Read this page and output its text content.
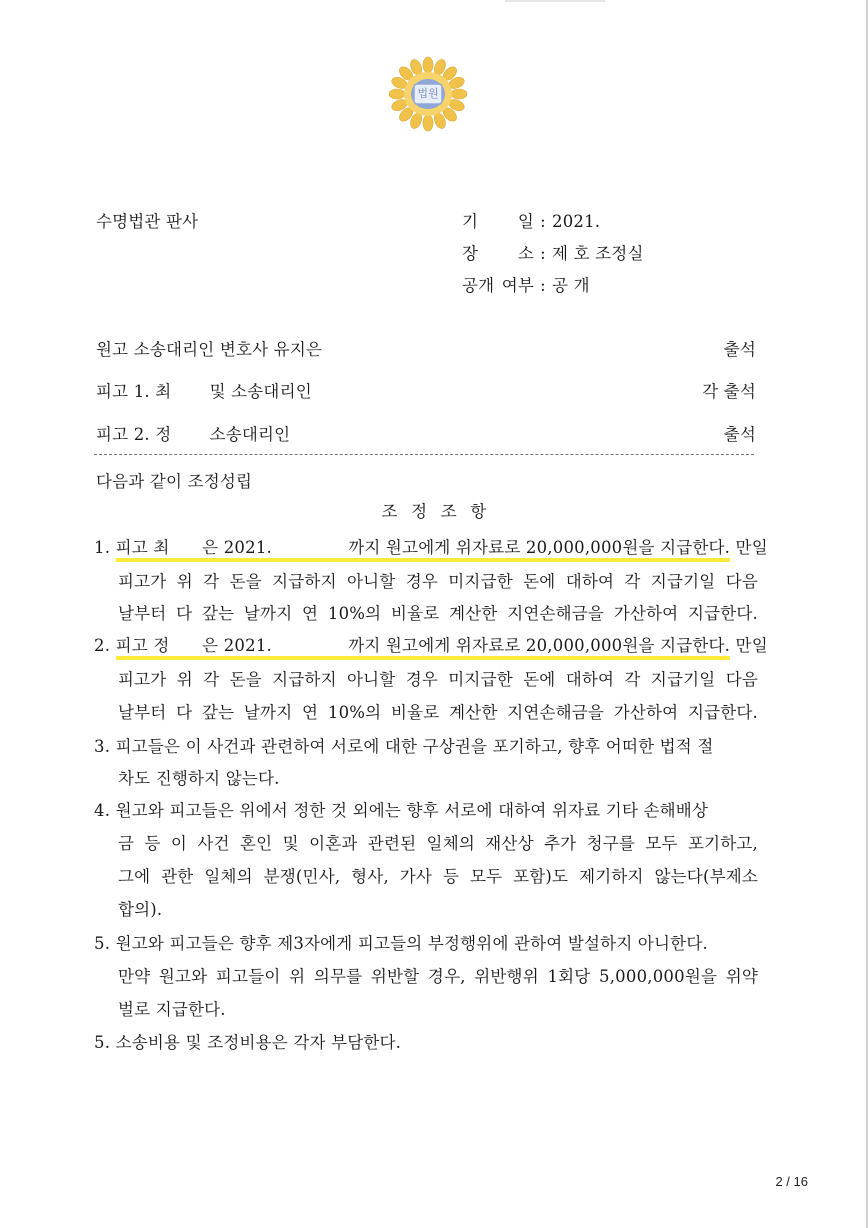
법원
수명법관 판사	기 일 : 2021.
장 소 : 제 호 조정실
공개 여부 : 공 개
원고 소송대리인 변호사 유지은	출석
피고 1. 최       및 소송대리인	각 출석
피고 2. 정       소송대리인	출석
다음과 같이 조정성립
조 정 조 항
1. 피고 최      은 2021.              까지 원고에게 위자료로 20,000,000원을 지급한다. 만일
피고가 위 각 돈을 지급하지 아니할 경우 미지급한 돈에 대하여 각 지급기일 다음
날부터 다 갚는 날까지 연 10%의 비율로 계산한 지연손해금을 가산하여 지급한다.
2. 피고 정      은 2021.              까지 원고에게 위자료로 20,000,000원을 지급한다. 만일
피고가 위 각 돈을 지급하지 아니할 경우 미지급한 돈에 대하여 각 지급기일 다음
날부터 다 갚는 날까지 연 10%의 비율로 계산한 지연손해금을 가산하여 지급한다.
3. 피고들은 이 사건과 관련하여 서로에 대한 구상권을 포기하고, 향후 어떠한 법적 절
차도 진행하지 않는다.
4. 원고와 피고들은 위에서 정한 것 외에는 향후 서로에 대하여 위자료 기타 손해배상
금 등 이 사건 혼인 및 이혼과 관련된 일체의 재산상 추가 청구를 모두 포기하고,
그에 관한 일체의 분쟁(민사, 형사, 가사 등 모두 포함)도 제기하지 않는다(부제소
합의).
5. 원고와 피고들은 향후 제3자에게 피고들의 부정행위에 관하여 발설하지 아니한다.
만약 원고와 피고들이 위 의무를 위반할 경우, 위반행위 1회당 5,000,000원을 위약
벌로 지급한다.
5. 소송비용 및 조정비용은 각자 부담한다.
2 / 16
